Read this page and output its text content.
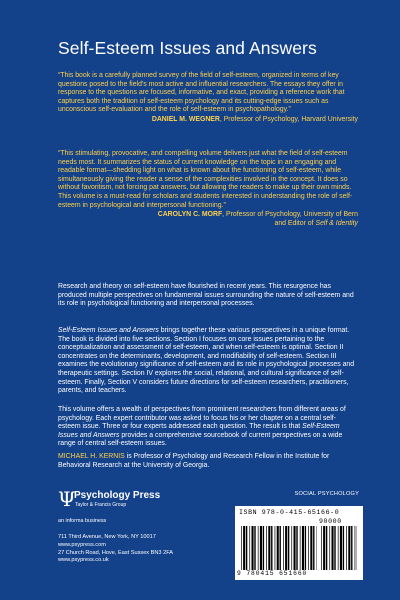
Self-Esteem Issues and Answers

“This book is a carefully planned survey of the field of self-esteem, organized in terms of key questions posed to the field’s most active and influential researchers. The essays they offer in response to the questions are focused, informative, and exact, providing a reference work that captures both the tradition of self-esteem psychology and its cutting-edge issues such as unconscious self-evaluation and the role of self-esteem in psychopathology.”

DANIEL M. WEGNER, Professor of Psychology, Harvard University

“This stimulating, provocative, and compelling volume delivers just what the field of self-esteem needs most. It summarizes the status of current knowledge on the topic in an engaging and readable format—shedding light on what is known about the functioning of self-esteem, while simultaneously giving the reader a sense of the complexities involved in the concept. It does so without favoritism, not forcing pat answers, but allowing the readers to make up their own minds. This volume is a must-read for scholars and students interested in understanding the role of self-esteem in psychological and interpersonal functioning.”

CAROLYN C. MORF, Professor of Psychology, University of Bern
and Editor of Self & Identity

Research and theory on self-esteem have flourished in recent years. This resurgence has produced multiple perspectives on fundamental issues surrounding the nature of self-esteem and its role in psychological functioning and interpersonal processes.
Self-Esteem Issues and Answers brings together these various perspectives in a unique format. The book is divided into five sections. Section I focuses on core issues pertaining to the conceptualization and assessment of self-esteem, and when self-esteem is optimal. Section II concentrates on the determinants, development, and modifiability of self-esteem. Section III examines the evolutionary significance of self-esteem and its role in psychological processes and therapeutic settings. Section IV explores the social, relational, and cultural significance of self-esteem. Finally, Section V considers future directions for self-esteem researchers, practitioners, parents, and teachers.
This volume offers a wealth of perspectives from prominent researchers from different areas of psychology. Each expert contributor was asked to focus his or her chapter on a central self-esteem issue. Three or four experts addressed each question. The result is that Self-Esteem Issues and Answers provides a comprehensive sourcebook of current perspectives on a wide range of central self-esteem issues.
MICHAEL H. KERNIS is Professor of Psychology and Research Fellow in the Institute for Behavioral Research at the University of Georgia.
SOCIAL PSYCHOLOGY
Ψ
Psychology Press
Taylor & Francis Group
an informa business
711 Third Avenue, New York, NY 10017
www.psypress.com
27 Church Road, Hove, East Sussex BN3 2FA
www.psypress.co.uk
ISBN 978-0-415-65166-0
90000
9 780415 651660
